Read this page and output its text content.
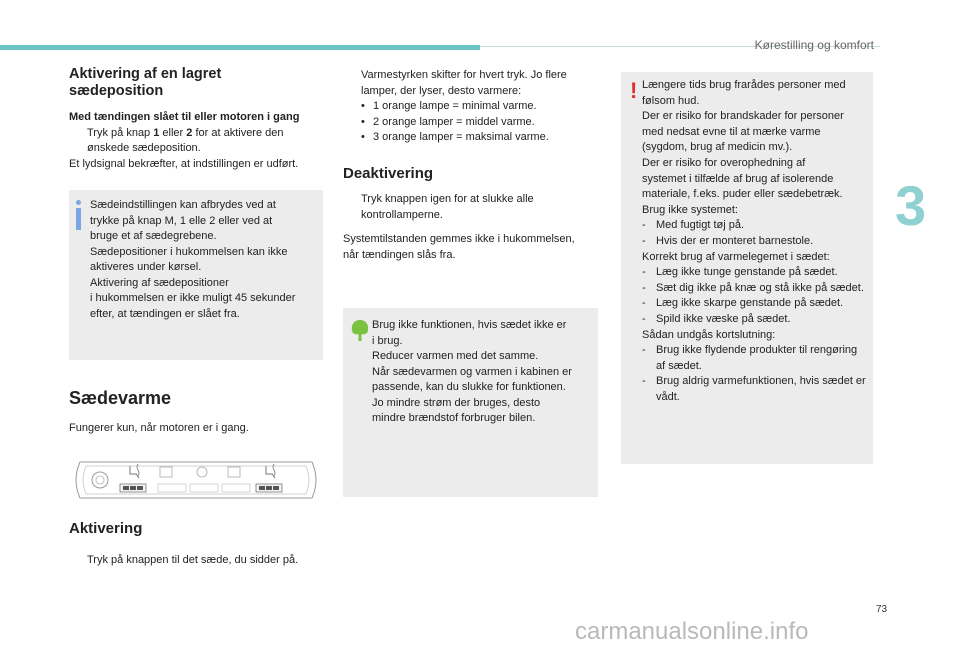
Kørestilling og komfort
3
Aktivering af en lagret
sædeposition

Med tændingen slået til eller motoren i gang

Tryk på knap 1 eller 2 for at aktivere den

ønskede sædeposition.

Et lydsignal bekræfter, at indstillingen er udført.

Sædeindstillingen kan afbrydes ved at
trykke på knap M, 1 elle 2 eller ved at
bruge et af sædegrebene.
Sædepositioner i hukommelsen kan ikke
aktiveres under kørsel.
Aktivering af sædepositioner
i hukommelsen er ikke muligt 45 sekunder
efter, at tændingen er slået fra.
Sædevarme
Fungerer kun, når motoren er i gang.
Aktivering
Tryk på knappen til det sæde, du sidder på.
Varmestyrken skifter for hvert tryk. Jo flere
lamper, der lyser, desto varmere:
• 1 orange lampe = minimal varme.
• 2 orange lamper = middel varme.
• 3 orange lamper = maksimal varme.
Deaktivering
Tryk knappen igen for at slukke alle
kontrollamperne.
Systemtilstanden gemmes ikke i hukommelsen,
når tændingen slås fra.
Brug ikke funktionen, hvis sædet ikke er
i brug.
Reducer varmen med det samme.
Når sædevarmen og varmen i kabinen er
passende, kan du slukke for funktionen.
Jo mindre strøm der bruges, desto
mindre brændstof forbruger bilen.
! Længere tids brug frarådes personer med
følsom hud.
Der er risiko for brandskader for personer
med nedsat evne til at mærke varme
(sygdom, brug af medicin mv.).
Der er risiko for overophedning af
systemet i tilfælde af brug af isolerende
materiale, f.eks. puder eller sædebetræk.
Brug ikke systemet:
- Med fugtigt tøj på.
- Hvis der er monteret barnestole.
Korrekt brug af varmelegemet i sædet:
- Læg ikke tunge genstande på sædet.
- Sæt dig ikke på knæ og stå ikke på sædet.
- Læg ikke skarpe genstande på sædet.
- Spild ikke væske på sædet.
Sådan undgås kortslutning:
- Brug ikke flydende produkter til rengøring af sædet.
- Brug aldrig varmefunktionen, hvis sædet er vådt.
73
carmanualsonline.info
